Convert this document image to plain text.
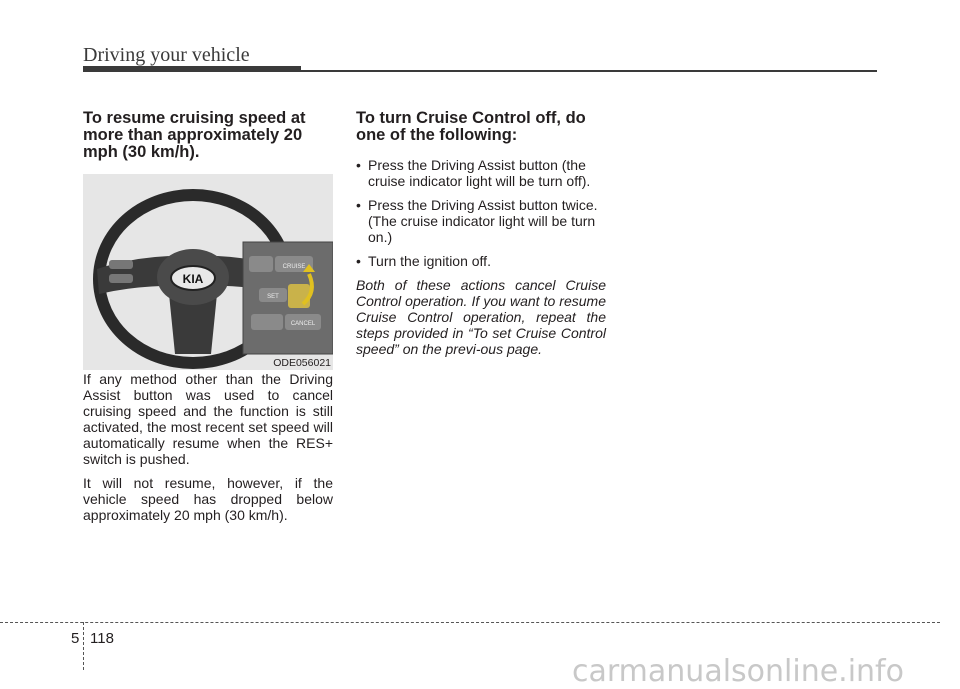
Driving your vehicle
To resume cruising speed at more than approximately 20 mph (30 km/h).

If any method other than the Driving Assist button was used to cancel cruising speed and the function is still activated, the most recent set speed will automatically resume when the RES+ switch is pushed.

It will not resume, however, if the vehicle speed has dropped below approximately 20 mph (30 km/h).

KIA
CRUISE
SET
CANCEL
ODE056021
To turn Cruise Control off, do one of the following:
• Press the Driving Assist button (the cruise indicator light will be turn off).
• Press the Driving Assist button twice. (The cruise indicator light will be turn on.)
• Turn the ignition off.
Both of these actions cancel Cruise Control operation. If you want to resume Cruise Control operation, repeat the steps provided in “To set Cruise Control speed” on the previ-ous page.
5 118
carmanualsonline.info
